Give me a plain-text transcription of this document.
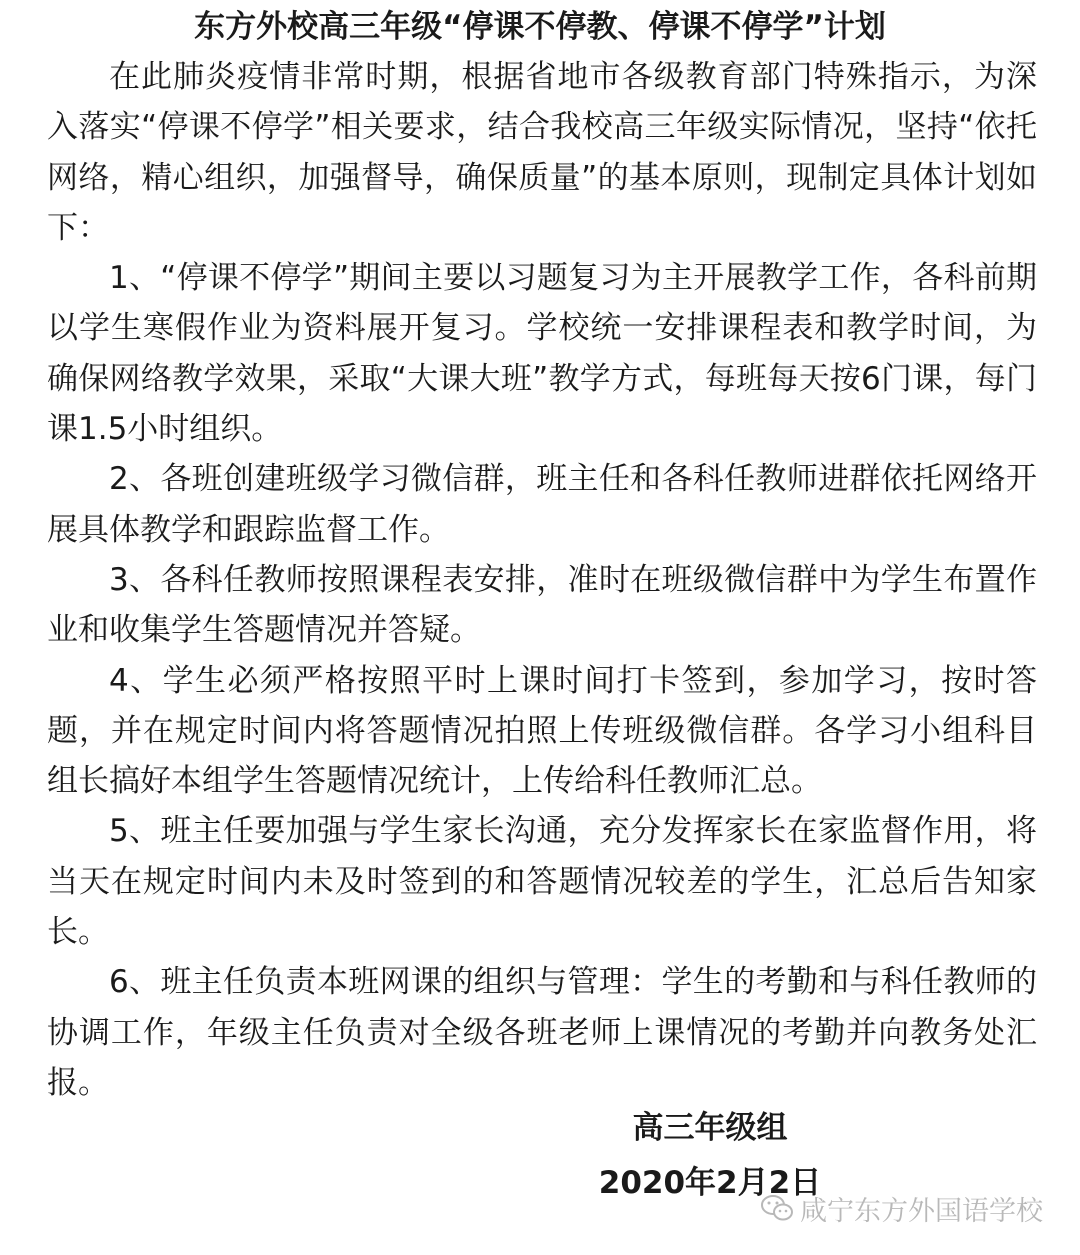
东方外校高三年级“停课不停教、停课不停学”计划

在此肺炎疫情非常时期，根据省地市各级教育部门特殊指示，为深入落实“停课不停学”相关要求，结合我校高三年级实际情况，坚持“依托网络，精心组织，加强督导，确保质量”的基本原则，现制定具体计划如下：

1、“停课不停学”期间主要以习题复习为主开展教学工作，各科前期以学生寒假作业为资料展开复习。学校统一安排课程表和教学时间，为确保网络教学效果，采取“大课大班”教学方式，每班每天按6门课，每门课1.5小时组织。

2、各班创建班级学习微信群，班主任和各科任教师进群依托网络开展具体教学和跟踪监督工作。

3、各科任教师按照课程表安排，准时在班级微信群中为学生布置作业和收集学生答题情况并答疑。

4、学生必须严格按照平时上课时间打卡签到，参加学习，按时答题，并在规定时间内将答题情况拍照上传班级微信群。各学习小组科目组长搞好本组学生答题情况统计，上传给科任教师汇总。

5、班主任要加强与学生家长沟通，充分发挥家长在家监督作用，将当天在规定时间内未及时签到的和答题情况较差的学生，汇总后告知家长。

6、班主任负责本班网课的组织与管理：学生的考勤和与科任教师的协调工作，年级主任负责对全级各班老师上课情况的考勤并向教务处汇报。

高三年级组
2020年2月2日
咸宁东方外国语学校
